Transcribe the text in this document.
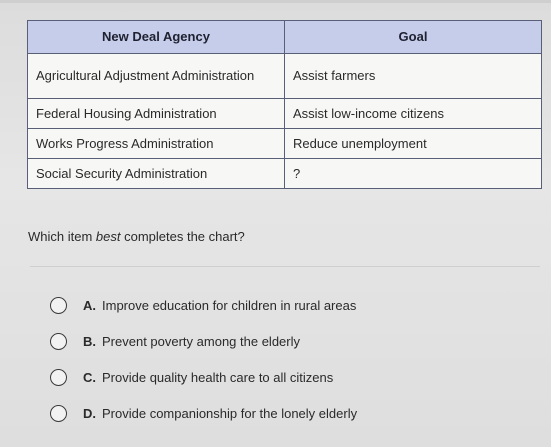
New Deal Agency	Goal
Agricultural Adjustment Administration	Assist farmers
Federal Housing Administration	Assist low-income citizens
Works Progress Administration	Reduce unemployment
Social Security Administration	?
Which item best completes the chart?
A. Improve education for children in rural areas
B. Prevent poverty among the elderly
C. Provide quality health care to all citizens
D. Provide companionship for the lonely elderly
